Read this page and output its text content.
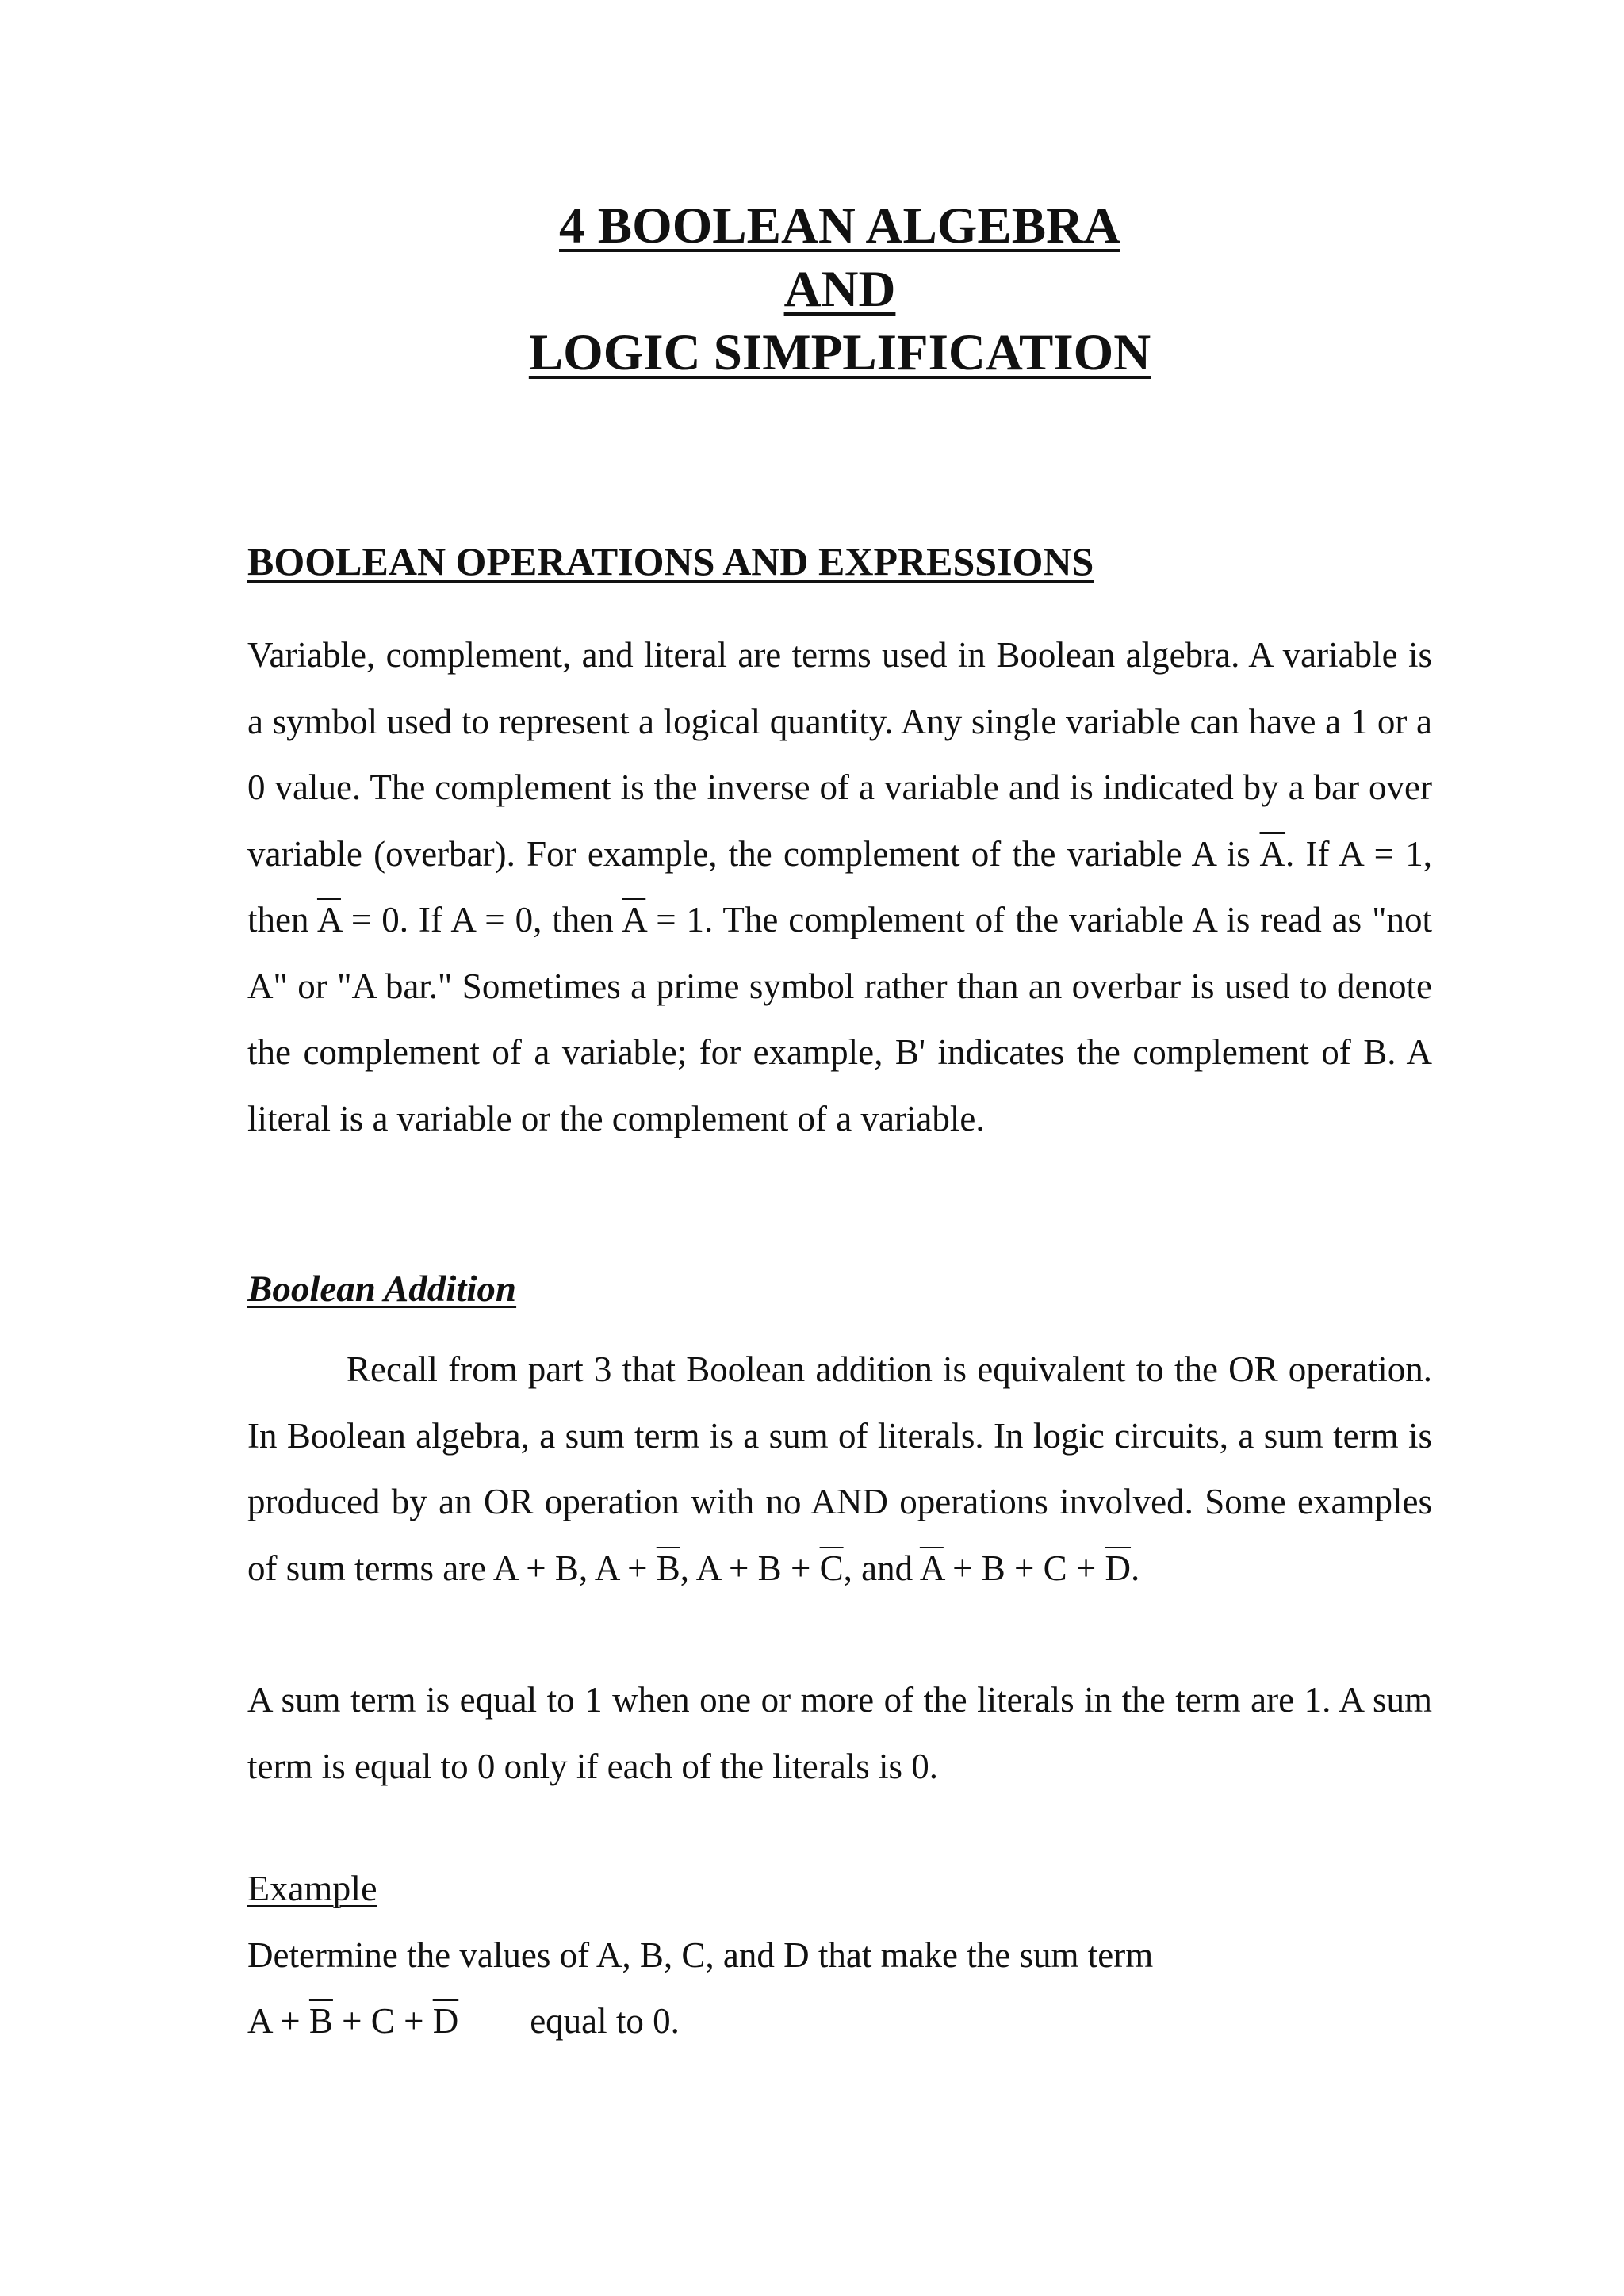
4 BOOLEAN ALGEBRA
AND
LOGIC SIMPLIFICATION
BOOLEAN OPERATIONS AND EXPRESSIONS

Variable, complement, and literal are terms used in Boolean algebra. A variable is a symbol used to represent a logical quantity. Any single variable can have a 1 or a 0 value. The complement is the inverse of a variable and is indicated by a bar over variable (overbar). For example, the complement of the variable A is $\overline{A}$. If A = 1, then $\overline{A} = 0$. If A = 0, then $\overline{A} = 1$. The complement of the variable A is read as "not A" or "A bar." Sometimes a prime symbol rather than an overbar is used to denote the complement of a variable; for example, B' indicates the complement of B. A literal is a variable or the complement of a variable.

Boolean Addition

Recall from part 3 that Boolean addition is equivalent to the OR operation. In Boolean algebra, a sum term is a sum of literals. In logic circuits, a sum term is produced by an OR operation with no AND operations involved. Some examples of sum terms are A + B, $A + \overline{B}$, $A + B + \overline{C}$, and $\overline{A} + B + C + \overline{D}$.

A sum term is equal to 1 when one or more of the literals in the term are 1. A sum term is equal to 0 only if each of the literals is 0.

Example
Determine the values of A, B, C, and D that make the sum term
$A + \overline{B} + C + \overline{D}$ equal to 0.
